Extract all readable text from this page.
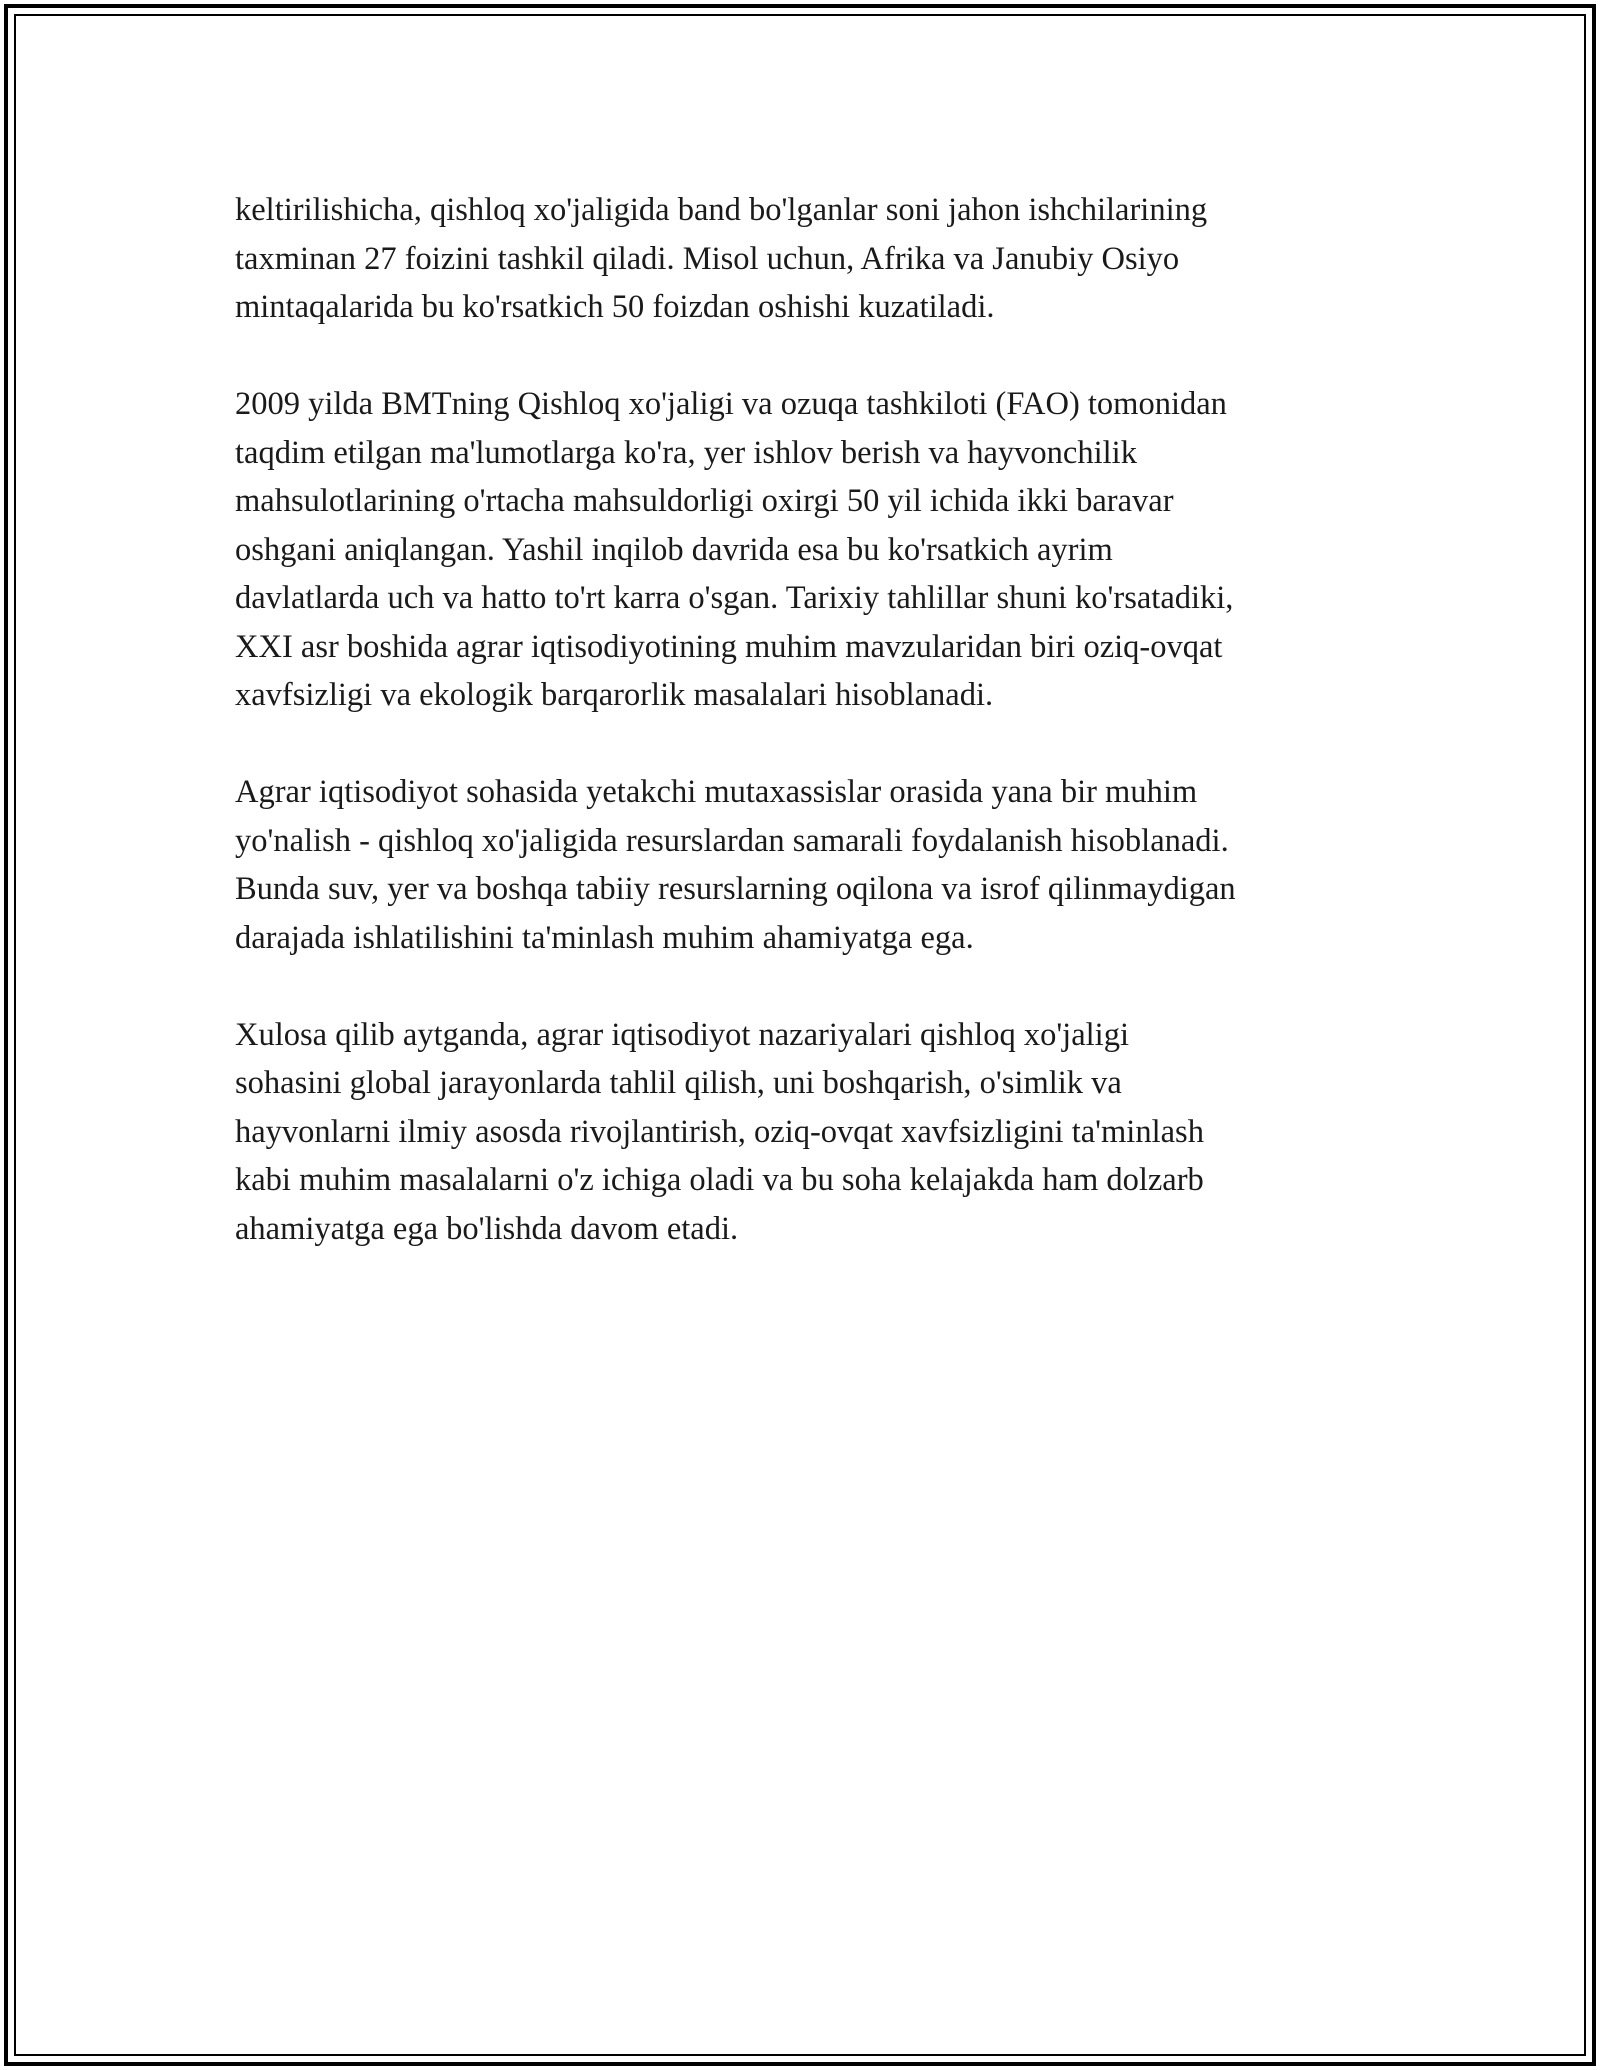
keltirilishicha, qishloq xo'jaligida band bo'lganlar soni jahon ishchilarining
taxminan 27 foizini tashkil qiladi. Misol uchun, Afrika va Janubiy Osiyo
mintaqalarida bu ko'rsatkich 50 foizdan oshishi kuzatiladi.

2009 yilda BMTning Qishloq xo'jaligi va ozuqa tashkiloti (FAO) tomonidan
taqdim etilgan ma'lumotlarga ko'ra, yer ishlov berish va hayvonchilik
mahsulotlarining o'rtacha mahsuldorligi oxirgi 50 yil ichida ikki baravar
oshgani aniqlangan. Yashil inqilob davrida esa bu ko'rsatkich ayrim
davlatlarda uch va hatto to'rt karra o'sgan. Tarixiy tahlillar shuni ko'rsatadiki,
XXI asr boshida agrar iqtisodiyotining muhim mavzularidan biri oziq-ovqat
xavfsizligi va ekologik barqarorlik masalalari hisoblanadi.

Agrar iqtisodiyot sohasida yetakchi mutaxassislar orasida yana bir muhim
yo'nalish - qishloq xo'jaligida resurslardan samarali foydalanish hisoblanadi.
Bunda suv, yer va boshqa tabiiy resurslarning oqilona va isrof qilinmaydigan
darajada ishlatilishini ta'minlash muhim ahamiyatga ega.

Xulosa qilib aytganda, agrar iqtisodiyot nazariyalari qishloq xo'jaligi
sohasini global jarayonlarda tahlil qilish, uni boshqarish, o'simlik va
hayvonlarni ilmiy asosda rivojlantirish, oziq-ovqat xavfsizligini ta'minlash
kabi muhim masalalarni o'z ichiga oladi va bu soha kelajakda ham dolzarb
ahamiyatga ega bo'lishda davom etadi.
